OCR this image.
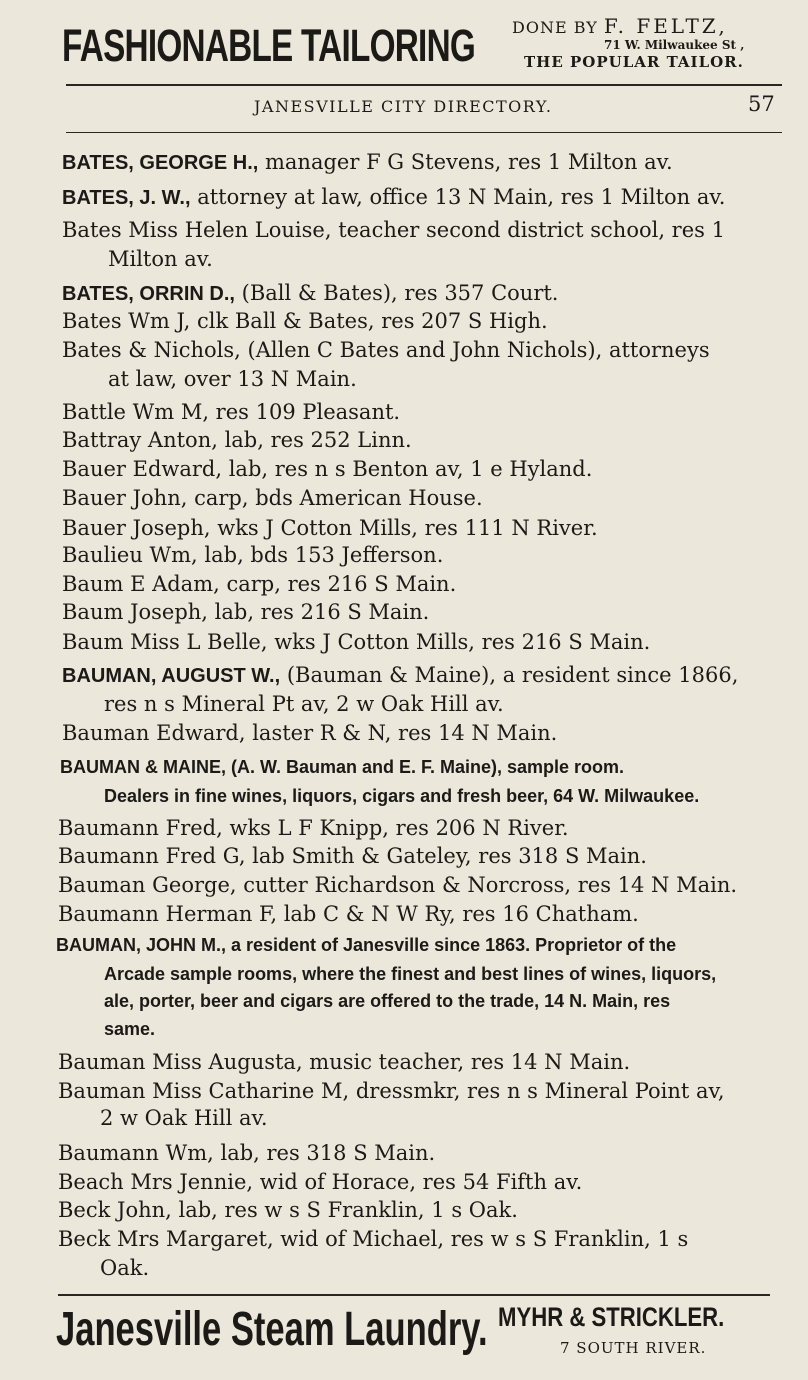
FASHIONABLE TAILORING DONE BY F. FELTZ,
71 W. Milwaukee St ,
THE POPULAR TAILOR.
JANESVILLE CITY DIRECTORY.	57
BATES, GEORGE H., manager F G Stevens, res 1 Milton av.
BATES, J. W., attorney at law, office 13 N Main, res 1 Milton av.
Bates Miss Helen Louise, teacher second district school, res 1
Milton av.
BATES, ORRIN D., (Ball & Bates), res 357 Court.
Bates Wm J, clk Ball & Bates, res 207 S High.
Bates & Nichols, (Allen C Bates and John Nichols), attorneys
at law, over 13 N Main.
Battle Wm M, res 109 Pleasant.
Battray Anton, lab, res 252 Linn.
Bauer Edward, lab, res n s Benton av, 1 e Hyland.
Bauer John, carp, bds American House.
Bauer Joseph, wks J Cotton Mills, res 111 N River.
Baulieu Wm, lab, bds 153 Jefferson.
Baum E Adam, carp, res 216 S Main.
Baum Joseph, lab, res 216 S Main.
Baum Miss L Belle, wks J Cotton Mills, res 216 S Main.
BAUMAN, AUGUST W., (Bauman & Maine), a resident since 1866,
res n s Mineral Pt av, 2 w Oak Hill av.
Bauman Edward, laster R & N, res 14 N Main.
BAUMAN & MAINE, (A. W. Bauman and E. F. Maine), sample room.
Dealers in fine wines, liquors, cigars and fresh beer, 64 W. Milwaukee.
Baumann Fred, wks L F Knipp, res 206 N River.
Baumann Fred G, lab Smith & Gateley, res 318 S Main.
Bauman George, cutter Richardson & Norcross, res 14 N Main.
Baumann Herman F, lab C & N W Ry, res 16 Chatham.
BAUMAN, JOHN M., a resident of Janesville since 1863. Proprietor of the
Arcade sample rooms, where the finest and best lines of wines, liquors,
ale, porter, beer and cigars are offered to the trade, 14 N. Main, res
same.
Bauman Miss Augusta, music teacher, res 14 N Main.
Bauman Miss Catharine M, dressmkr, res n s Mineral Point av,
2 w Oak Hill av.
Baumann Wm, lab, res 318 S Main.
Beach Mrs Jennie, wid of Horace, res 54 Fifth av.
Beck John, lab, res w s S Franklin, 1 s Oak.
Beck Mrs Margaret, wid of Michael, res w s S Franklin, 1 s
Oak.
Janesville Steam Laundry. MYHR & STRICKLER.
7 SOUTH RIVER.
